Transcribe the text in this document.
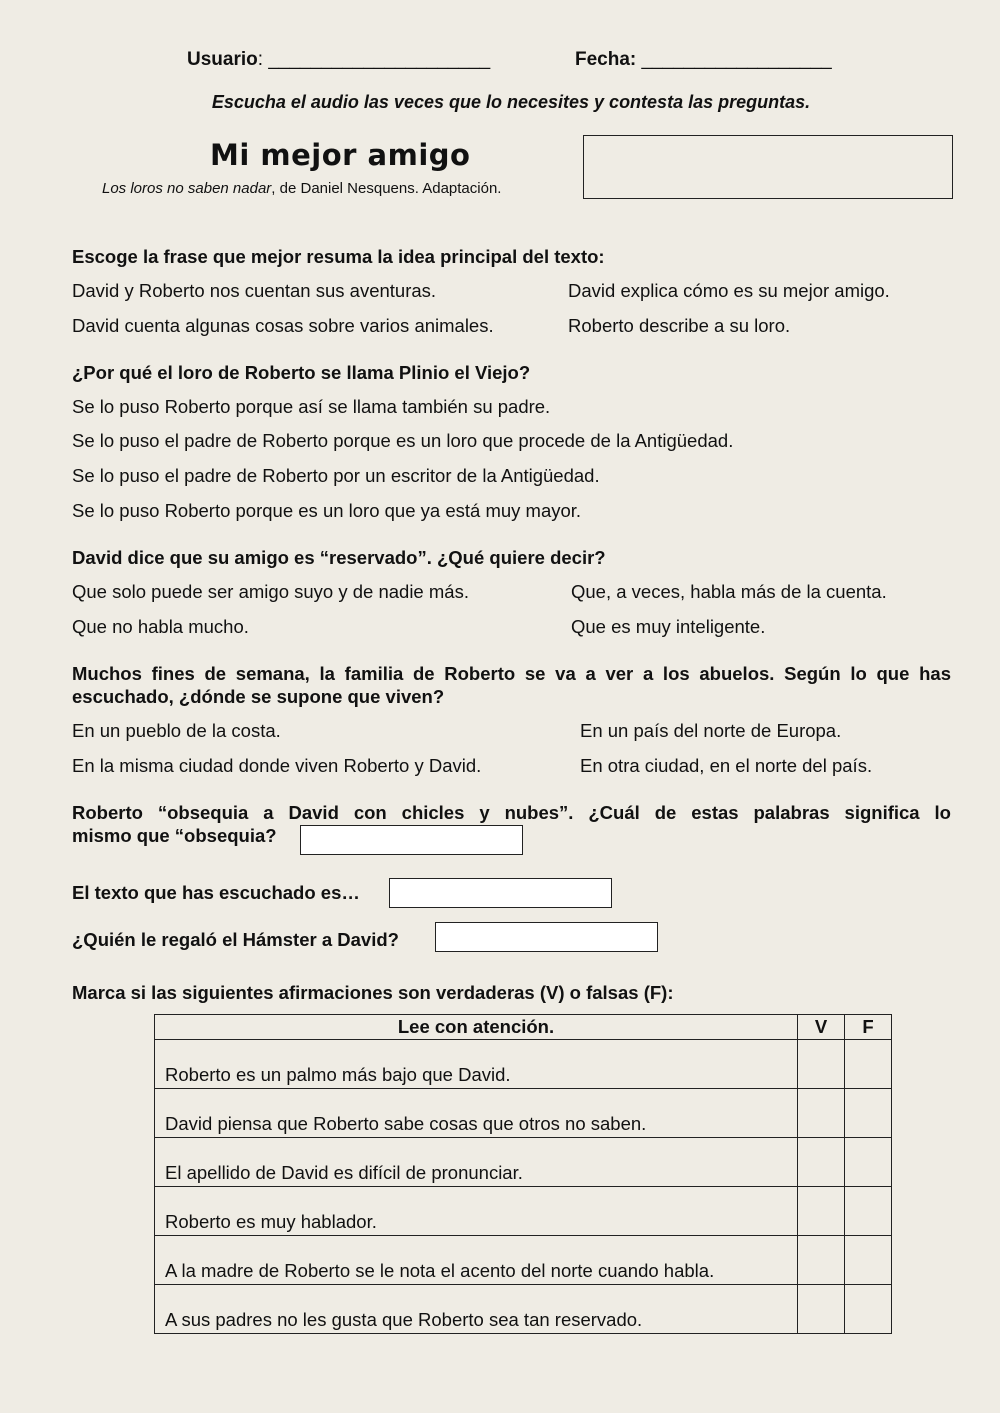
Usuario: _____________________	Fecha: __________________
Escucha el audio las veces que lo necesites y contesta las preguntas.
Mi mejor amigo
Los loros no saben nadar, de Daniel Nesquens. Adaptación.
Escoge la frase que mejor resuma la idea principal del texto:
David y Roberto nos cuentan sus aventuras.	David explica cómo es su mejor amigo.
David cuenta algunas cosas sobre varios animales.	Roberto describe a su loro.
¿Por qué el loro de Roberto se llama Plinio el Viejo?
Se lo puso Roberto porque así se llama también su padre.
Se lo puso el padre de Roberto porque es un loro que procede de la Antigüedad.
Se lo puso el padre de Roberto por un escritor de la Antigüedad.
Se lo puso Roberto porque es un loro que ya está muy mayor.
David dice que su amigo es “reservado”. ¿Qué quiere decir?
Que solo puede ser amigo suyo y de nadie más.	Que, a veces, habla más de la cuenta.
Que no habla mucho.	Que es muy inteligente.
Muchos fines de semana, la familia de Roberto se va a ver a los abuelos. Según lo que has
escuchado, ¿dónde se supone que viven?
En un pueblo de la costa.	En un país del norte de Europa.
En la misma ciudad donde viven Roberto y David.	En otra ciudad, en el norte del país.
Roberto “obsequia a David con chicles y nubes”. ¿Cuál de estas palabras significa lo
mismo que “obsequia?
El texto que has escuchado es…
¿Quién le regaló el Hámster a David?
Marca si las siguientes afirmaciones son verdaderas (V) o falsas (F):
Lee con atención.	V	F
Roberto es un palmo más bajo que David.		
David piensa que Roberto sabe cosas que otros no saben.		
El apellido de David es difícil de pronunciar.		
Roberto es muy hablador.		
A la madre de Roberto se le nota el acento del norte cuando habla.		
A sus padres no les gusta que Roberto sea tan reservado.		
